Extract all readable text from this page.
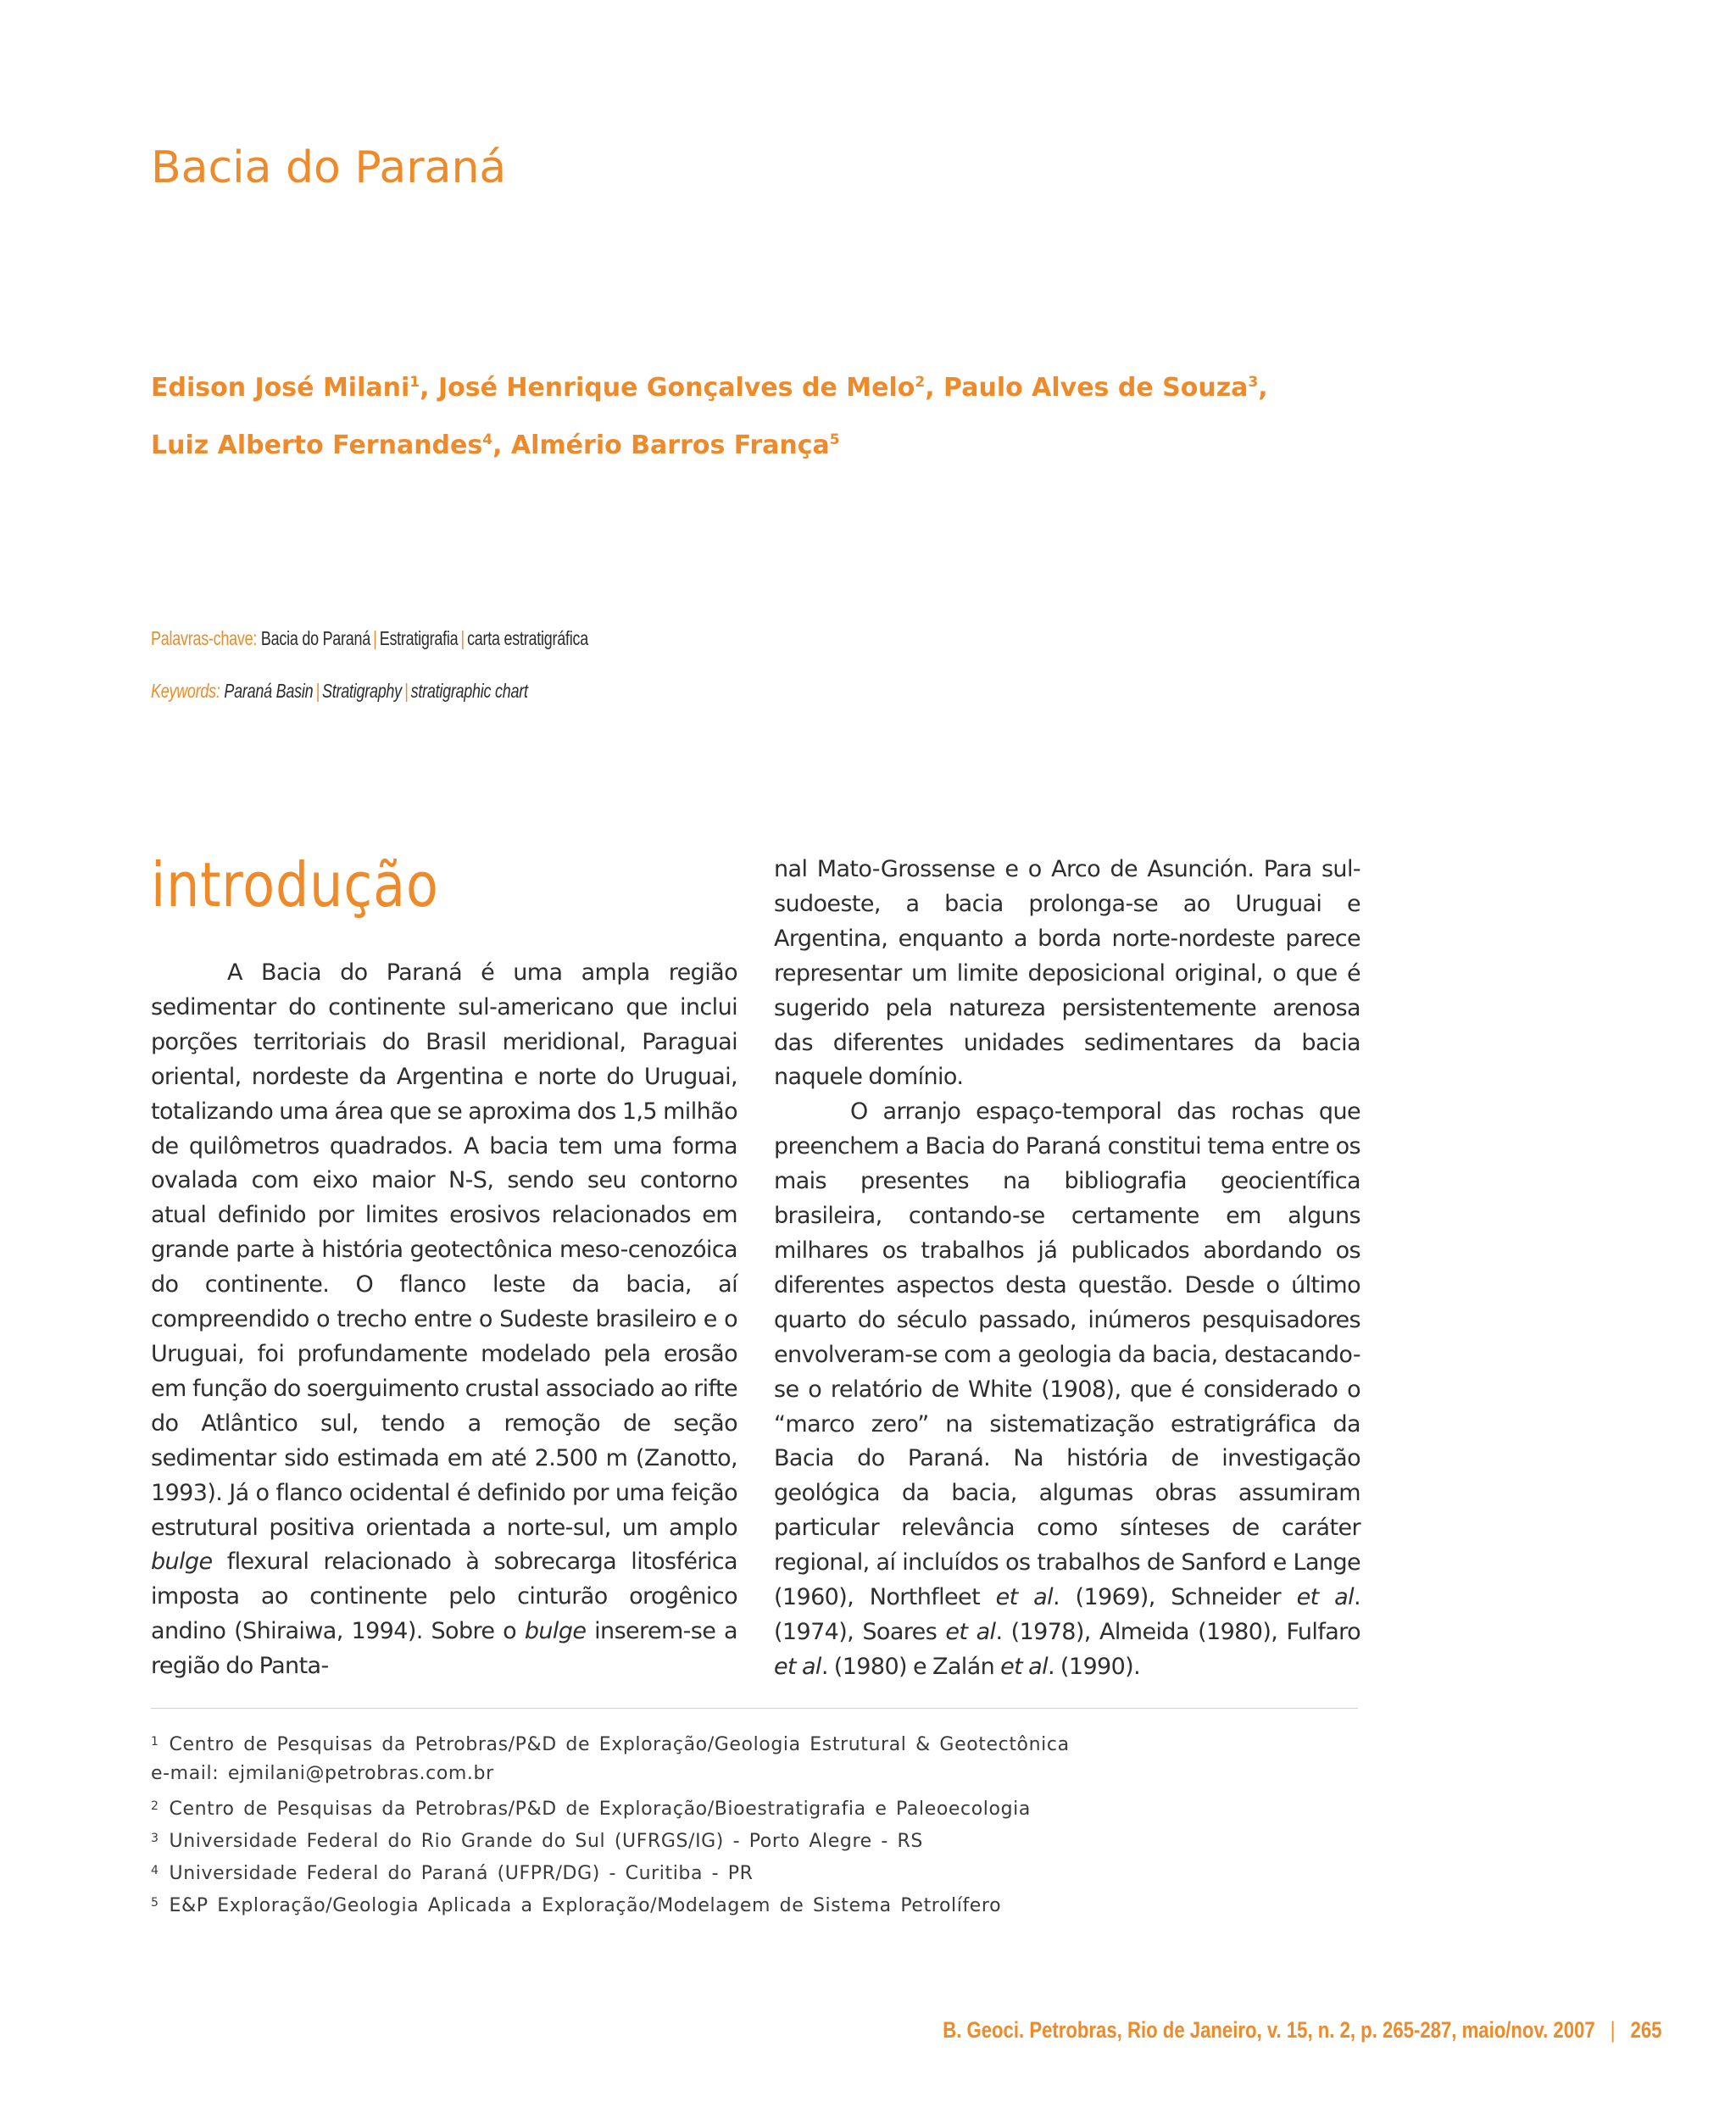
Bacia do Paraná

Edison José Milani$^1$, José Henrique Gonçalves de Melo$^2$, Paulo Alves de Souza$^3$,

Luiz Alberto Fernandes$^4$, Almério Barros França$^5$

Palavras-chave: Bacia do Paraná | Estratigrafia | carta estratigráfica

Keywords: Paraná Basin | Stratigraphy | stratigraphic chart

introdução

A Bacia do Paraná é uma ampla região sedimentar do continente sul-americano que inclui porções territoriais do Brasil meridional, Paraguai oriental, nordeste da Argentina e norte do Uruguai, totalizando uma área que se aproxima dos 1,5 milhão de quilômetros quadrados. A bacia tem uma forma ovalada com eixo maior N-S, sendo seu contorno atual definido por limites erosivos relacionados em grande parte à história geotectônica meso-cenozóica do continente. O flanco leste da bacia, aí compreendido o trecho entre o Sudeste brasileiro e o Uruguai, foi profundamente modelado pela erosão em função do soerguimento crustal associado ao rifte do Atlântico sul, tendo a remoção de seção sedimentar sido estimada em até 2.500 m (Zanotto, 1993). Já o flanco ocidental é definido por uma feição estrutural positiva orientada a norte-sul, um amplo bulge flexural relacionado à sobrecarga litosférica imposta ao continente pelo cinturão orogênico andino (Shiraiwa, 1994). Sobre o bulge inserem-se a região do Panta-

nal Mato-Grossense e o Arco de Asunción. Para sul-sudoeste, a bacia prolonga-se ao Uruguai e Argentina, enquanto a borda norte-nordeste parece representar um limite deposicional original, o que é sugerido pela natureza persistentemente arenosa das diferentes unidades sedimentares da bacia naquele domínio.

O arranjo espaço-temporal das rochas que preenchem a Bacia do Paraná constitui tema entre os mais presentes na bibliografia geocientífica brasileira, contando-se certamente em alguns milhares os trabalhos já publicados abordando os diferentes aspectos desta questão. Desde o último quarto do século passado, inúmeros pesquisadores envolveram-se com a geologia da bacia, destacando-se o relatório de White (1908), que é considerado o “marco zero” na sistematização estratigráfica da Bacia do Paraná. Na história de investigação geológica da bacia, algumas obras assumiram particular relevância como sínteses de caráter regional, aí incluídos os trabalhos de Sanford e Lange (1960), Northfleet et al. (1969), Schneider et al. (1974), Soares et al. (1978), Almeida (1980), Fulfaro et al. (1980) e Zalán et al. (1990).

$^1$ Centro de Pesquisas da Petrobras/P&D de Exploração/Geologia Estrutural & Geotectônica
e-mail: ejmilani@petrobras.com.br
$^2$ Centro de Pesquisas da Petrobras/P&D de Exploração/Bioestratigrafia e Paleoecologia
$^3$ Universidade Federal do Rio Grande do Sul (UFRGS/IG) - Porto Alegre - RS
$^4$ Universidade Federal do Paraná (UFPR/DG) - Curitiba - PR
$^5$ E&P Exploração/Geologia Aplicada a Exploração/Modelagem de Sistema Petrolífero

B. Geoci. Petrobras, Rio de Janeiro, v. 15, n. 2, p. 265-287, maio/nov. 2007 | 265
